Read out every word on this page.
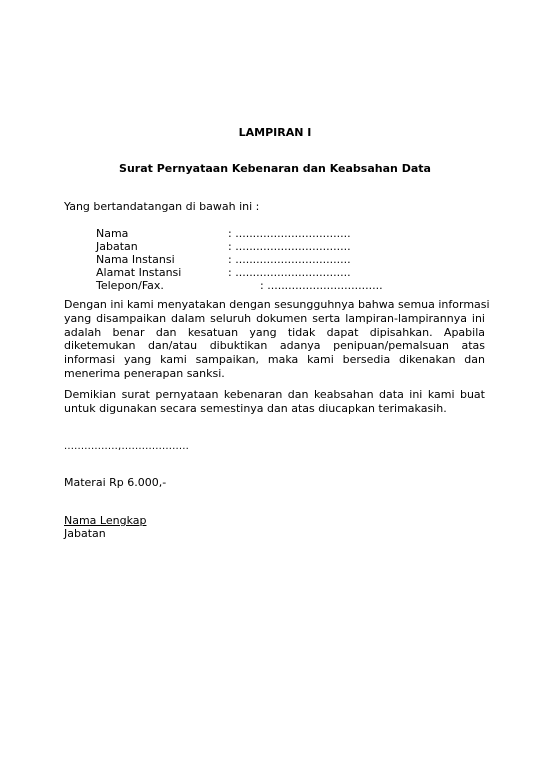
LAMPIRAN I
Surat Pernyataan Kebenaran dan Keabsahan Data
Yang bertandatangan di bawah ini :
Nama	: .................................
Jabatan	: .................................
Nama Instansi	: .................................
Alamat Instansi	: .................................
Telepon/Fax.	: .................................
Dengan ini kami menyatakan dengan sesungguhnya bahwa semua informasi
yang disampaikan dalam seluruh dokumen serta lampiran-lampirannya ini
adalah benar dan kesatuan yang tidak dapat dipisahkan. Apabila
diketemukan dan/atau dibuktikan adanya penipuan/pemalsuan atas
informasi yang kami sampaikan, maka kami bersedia dikenakan dan
menerima penerapan sanksi.
Demikian surat pernyataan kebenaran dan keabsahan data ini kami buat
untuk digunakan secara semestinya dan atas diucapkan terimakasih.
................,....................
Materai Rp 6.000,-
Nama Lengkap
Jabatan
